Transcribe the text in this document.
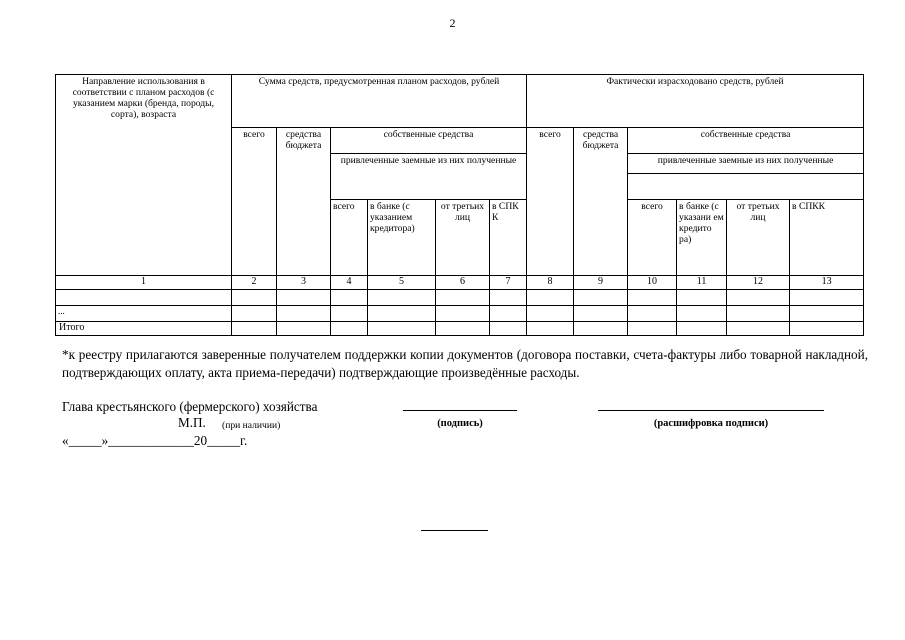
2
Направление использования в соответствии с планом расходов (с указанием марки (бренда, породы, сорта), возраста	Сумма средств, предусмотренная планом расходов, рублей						Фактически израсходовано средств, рублей					
	всего	средства бюджета	собственные средства				всего	средства бюджета	собственные средства			
			привлеченные заемные из них полученные						привлеченные заемные из них полученные			

			всего	в банке (с указанием кредитора)	от третьих лиц	в СПК К			всего	в банке (с указани ем кредито ра)	от третьих лиц	в СПКК
1	2	3	4	5	6	7	8	9	10	11	12	13

...												
Итого												
*к реестру прилагаются заверенные получателем поддержки копии документов (договора поставки, счета-фактуры либо товарной накладной, подтверждающих оплату, акта приема-передачи) подтверждающие произведённые расходы.
Глава крестьянского (фермерского) хозяйства
(подпись)	(расшифровка подписи)
М.П. (при наличии)
«_____»_____________20_____г.
